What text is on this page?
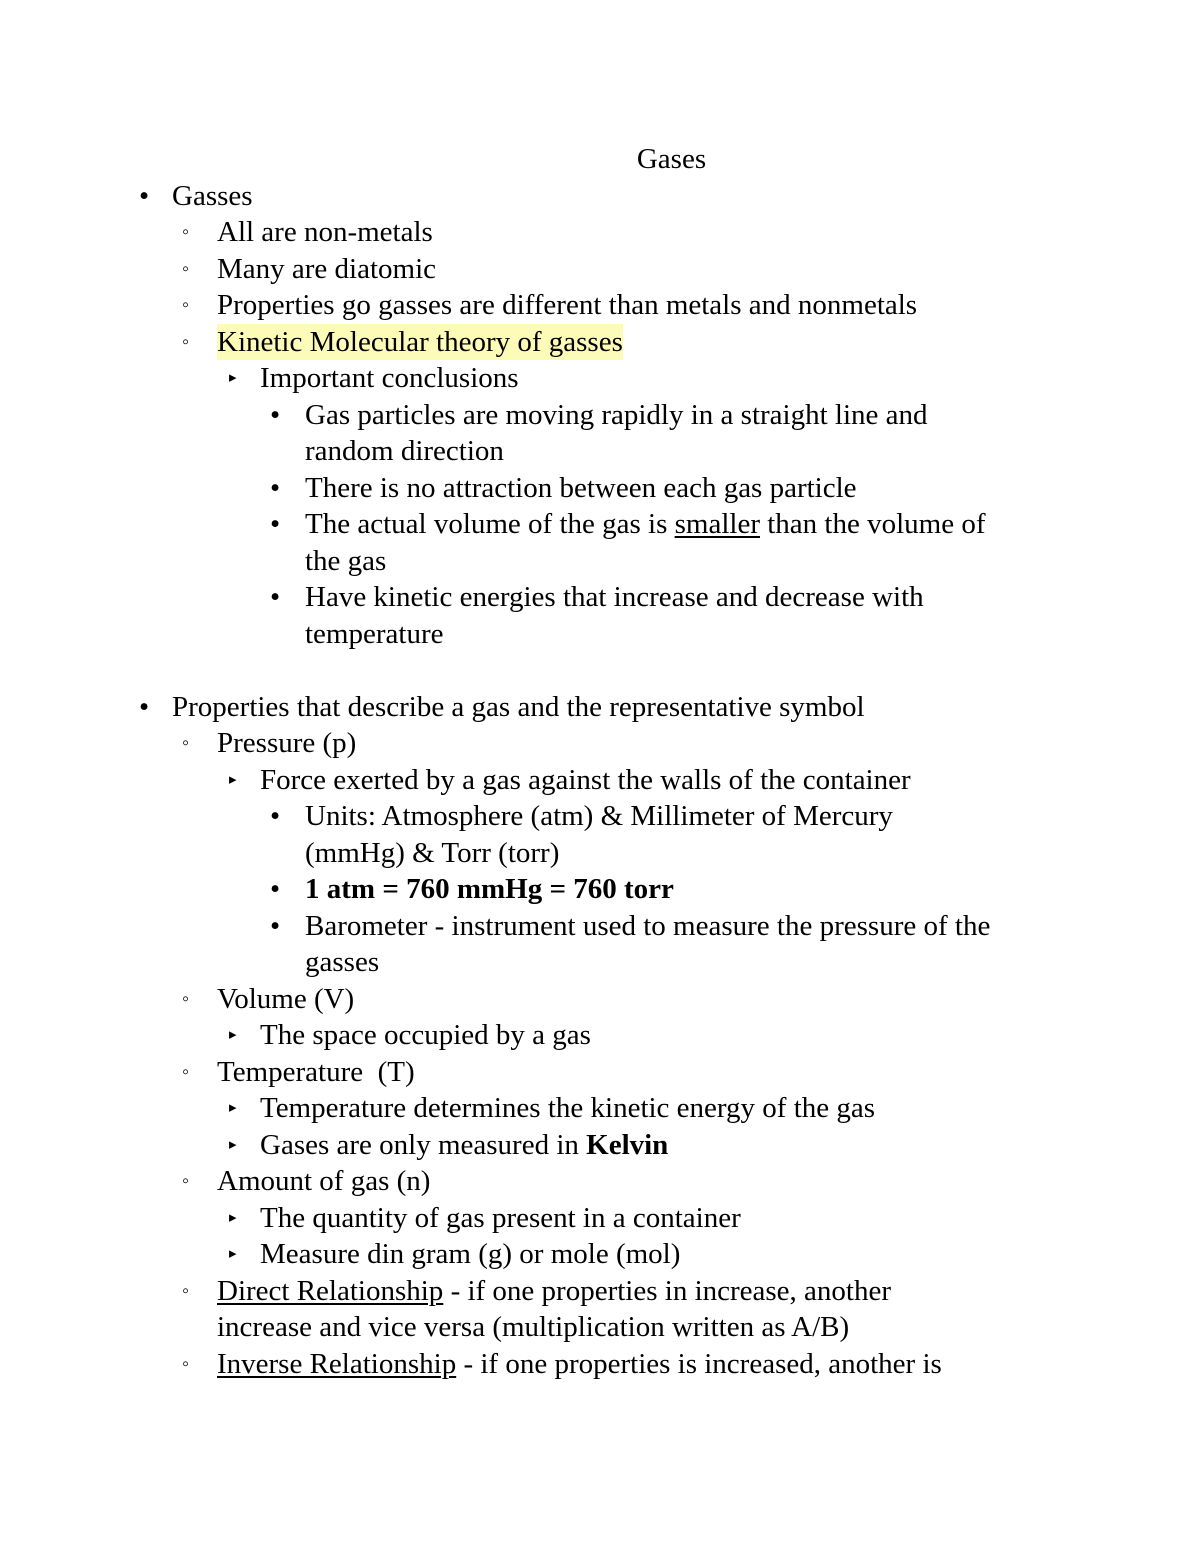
Gases
• Gasses
◦ All are non-metals
◦ Many are diatomic
◦ Properties go gasses are different than metals and nonmetals
◦ Kinetic Molecular theory of gasses
▸ Important conclusions
• Gas particles are moving rapidly in a straight line and
random direction
• There is no attraction between each gas particle
• The actual volume of the gas is smaller than the volume of
the gas
• Have kinetic energies that increase and decrease with
temperature
• Properties that describe a gas and the representative symbol
◦ Pressure (p)
▸ Force exerted by a gas against the walls of the container
• Units: Atmosphere (atm) & Millimeter of Mercury
(mmHg) & Torr (torr)
• 1 atm = 760 mmHg = 760 torr
• Barometer - instrument used to measure the pressure of the
gasses
◦ Volume (V)
▸ The space occupied by a gas
◦ Temperature  (T)
▸ Temperature determines the kinetic energy of the gas
▸ Gases are only measured in Kelvin
◦ Amount of gas (n)
▸ The quantity of gas present in a container
▸ Measure din gram (g) or mole (mol)
◦ Direct Relationship - if one properties in increase, another
increase and vice versa (multiplication written as A/B)
◦ Inverse Relationship - if one properties is increased, another is
